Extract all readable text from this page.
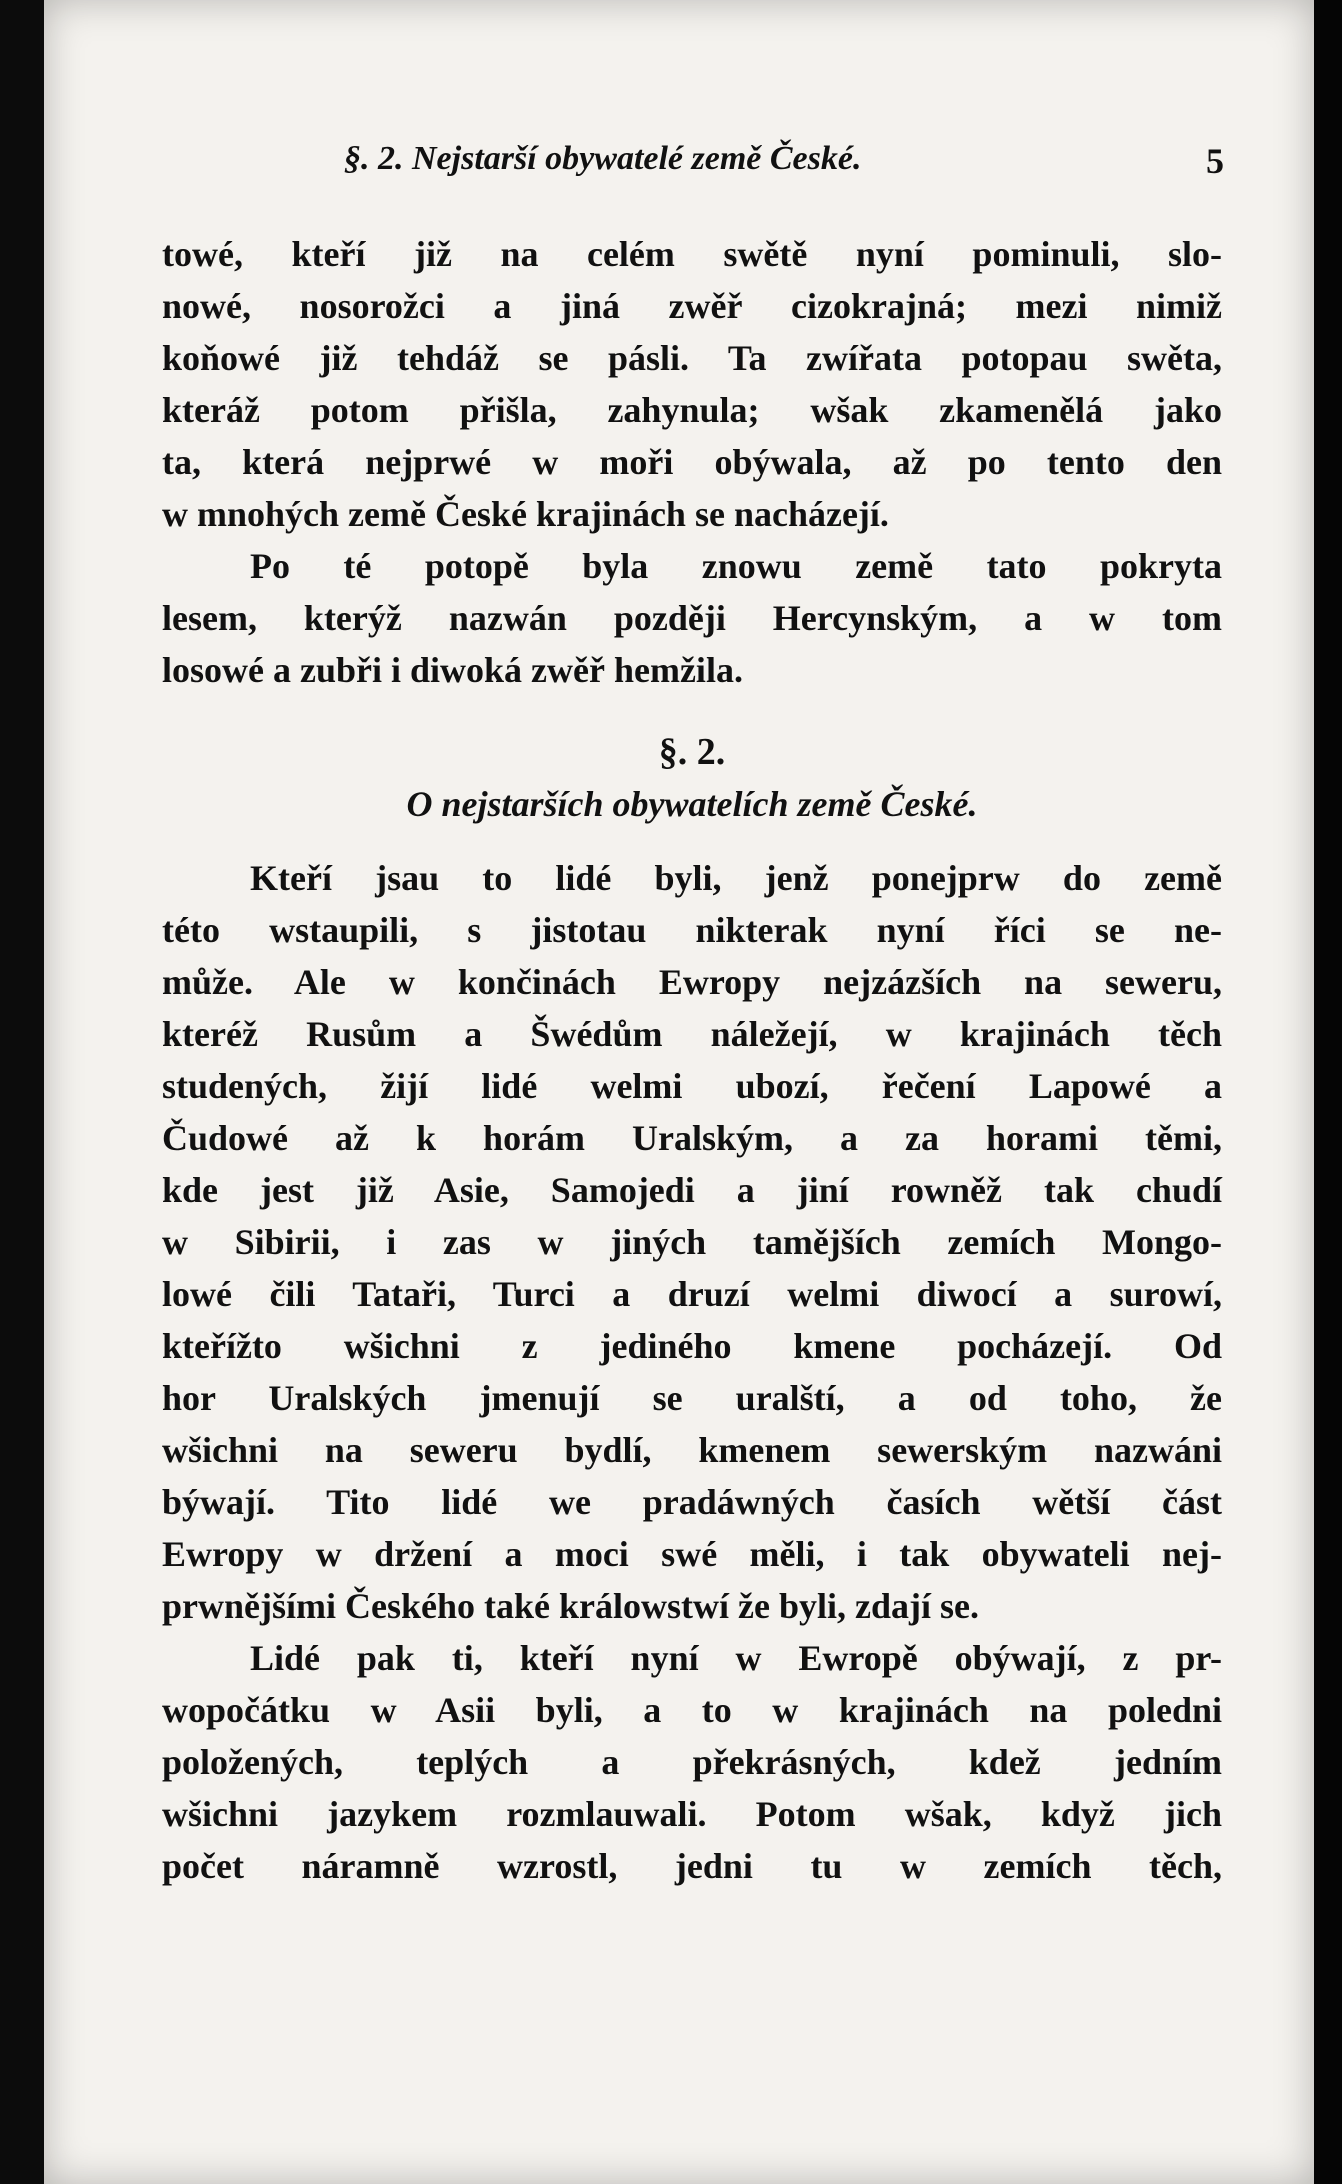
§. 2. Nejstarší obywatelé země České.	5
towé, kteří již na celém swětě nyní pominuli, slo-
nowé, nosorožci a jiná zwěř cizokrajná; mezi nimiž
koňowé již tehdáž se pásli. Ta zwířata potopau swěta,
kteráž potom přišla, zahynula; wšak zkamenělá jako
ta, která nejprwé w moři obýwala, až po tento den
w mnohých země České krajinách se nacházejí.
Po té potopě byla znowu země tato pokryta
lesem, kterýž nazwán později Hercynským, a w tom
losowé a zubři i diwoká zwěř hemžila.
§. 2.
O nejstarších obywatelích země České.
Kteří jsau to lidé byli, jenž ponejprw do země
této wstaupili, s jistotau nikterak nyní říci se ne-
může. Ale w končinách Ewropy nejzázších na seweru,
kteréž Rusům a Šwédům náležejí, w krajinách těch
studených, žijí lidé welmi ubozí, řečení Lapowé a
Čudowé až k horám Uralským, a za horami těmi,
kde jest již Asie, Samojedi a jiní rowněž tak chudí
w Sibirii, i zas w jiných tamějších zemích Mongo-
lowé čili Tataři, Turci a druzí welmi diwocí a surowí,
kteřížto wšichni z jediného kmene pocházejí. Od
hor Uralských jmenují se uralští, a od toho, že
wšichni na seweru bydlí, kmenem sewerským nazwáni
býwají. Tito lidé we pradáwných časích wětší část
Ewropy w držení a moci swé měli, i tak obywateli nej-
prwnějšími Českého také králowstwí že byli, zdají se.
Lidé pak ti, kteří nyní w Ewropě obýwají, z pr-
wopočátku w Asii byli, a to w krajinách na poledni
položených, teplých a překrásných, kdež jedním
wšichni jazykem rozmlauwali. Potom wšak, když jich
počet náramně wzrostl, jedni tu w zemích těch,
